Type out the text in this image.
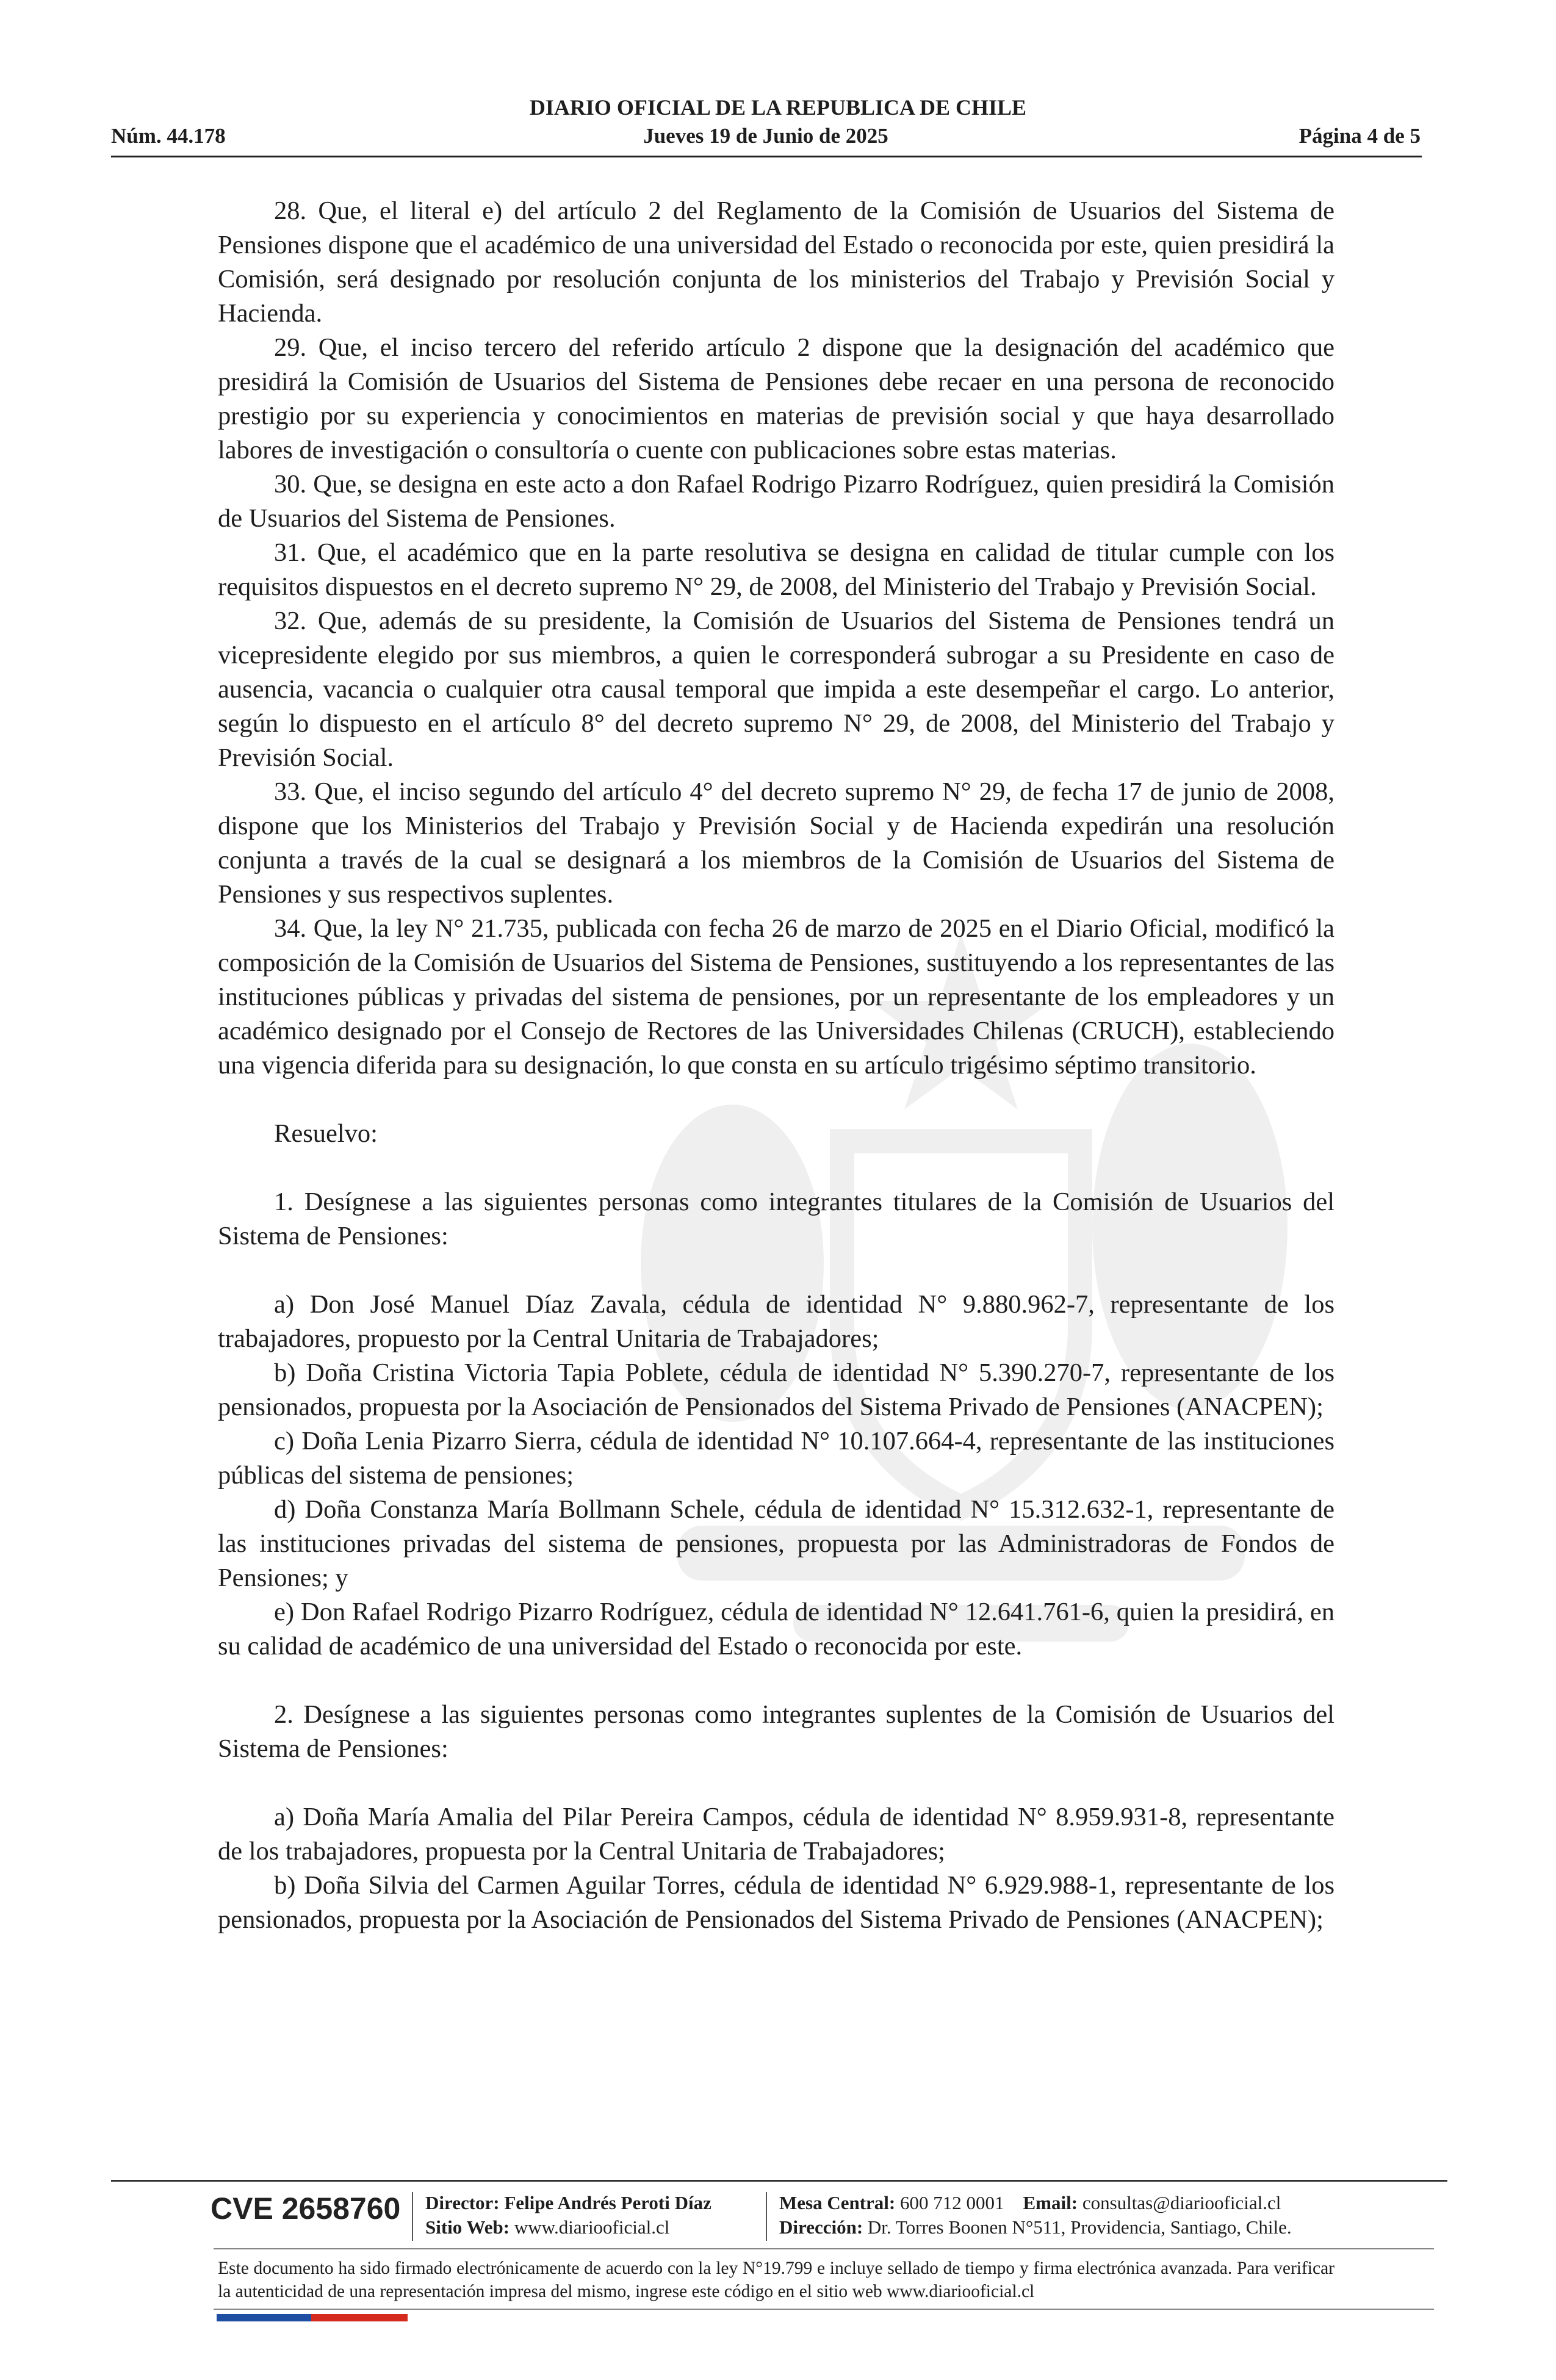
DIARIO OFICIAL DE LA REPUBLICA DE CHILE
Núm. 44.178	Jueves 19 de Junio de 2025	Página 4 de 5

28. Que, el literal e) del artículo 2 del Reglamento de la Comisión de Usuarios del Sistema de Pensiones dispone que el académico de una universidad del Estado o reconocida por este, quien presidirá la Comisión, será designado por resolución conjunta de los ministerios del Trabajo y Previsión Social y Hacienda.

29. Que, el inciso tercero del referido artículo 2 dispone que la designación del académico que presidirá la Comisión de Usuarios del Sistema de Pensiones debe recaer en una persona de reconocido prestigio por su experiencia y conocimientos en materias de previsión social y que haya desarrollado labores de investigación o consultoría o cuente con publicaciones sobre estas materias.

30. Que, se designa en este acto a don Rafael Rodrigo Pizarro Rodríguez, quien presidirá la Comisión de Usuarios del Sistema de Pensiones.

31. Que, el académico que en la parte resolutiva se designa en calidad de titular cumple con los requisitos dispuestos en el decreto supremo N° 29, de 2008, del Ministerio del Trabajo y Previsión Social.

32. Que, además de su presidente, la Comisión de Usuarios del Sistema de Pensiones tendrá un vicepresidente elegido por sus miembros, a quien le corresponderá subrogar a su Presidente en caso de ausencia, vacancia o cualquier otra causal temporal que impida a este desempeñar el cargo. Lo anterior, según lo dispuesto en el artículo 8° del decreto supremo N° 29, de 2008, del Ministerio del Trabajo y Previsión Social.

33. Que, el inciso segundo del artículo 4° del decreto supremo N° 29, de fecha 17 de junio de 2008, dispone que los Ministerios del Trabajo y Previsión Social y de Hacienda expedirán una resolución conjunta a través de la cual se designará a los miembros de la Comisión de Usuarios del Sistema de Pensiones y sus respectivos suplentes.

34. Que, la ley N° 21.735, publicada con fecha 26 de marzo de 2025 en el Diario Oficial, modificó la composición de la Comisión de Usuarios del Sistema de Pensiones, sustituyendo a los representantes de las instituciones públicas y privadas del sistema de pensiones, por un representante de los empleadores y un académico designado por el Consejo de Rectores de las Universidades Chilenas (CRUCH), estableciendo una vigencia diferida para su designación, lo que consta en su artículo trigésimo séptimo transitorio.

Resuelvo:

1. Desígnese a las siguientes personas como integrantes titulares de la Comisión de Usuarios del Sistema de Pensiones:

a) Don José Manuel Díaz Zavala, cédula de identidad N° 9.880.962-7, representante de los trabajadores, propuesto por la Central Unitaria de Trabajadores;

b) Doña Cristina Victoria Tapia Poblete, cédula de identidad N° 5.390.270-7, representante de los pensionados, propuesta por la Asociación de Pensionados del Sistema Privado de Pensiones (ANACPEN);

c) Doña Lenia Pizarro Sierra, cédula de identidad N° 10.107.664-4, representante de las instituciones públicas del sistema de pensiones;

d) Doña Constanza María Bollmann Schele, cédula de identidad N° 15.312.632-1, representante de las instituciones privadas del sistema de pensiones, propuesta por las Administradoras de Fondos de Pensiones; y

e) Don Rafael Rodrigo Pizarro Rodríguez, cédula de identidad N° 12.641.761-6, quien la presidirá, en su calidad de académico de una universidad del Estado o reconocida por este.

2. Desígnese a las siguientes personas como integrantes suplentes de la Comisión de Usuarios del Sistema de Pensiones:

a) Doña María Amalia del Pilar Pereira Campos, cédula de identidad N° 8.959.931-8, representante de los trabajadores, propuesta por la Central Unitaria de Trabajadores;

b) Doña Silvia del Carmen Aguilar Torres, cédula de identidad N° 6.929.988-1, representante de los pensionados, propuesta por la Asociación de Pensionados del Sistema Privado de Pensiones (ANACPEN);

CVE 2658760 Director: Felipe Andrés Peroti Díaz
Sitio Web: www.diariooficial.cl
Mesa Central: 600 712 0001 Email: consultas@diariooficial.cl
Dirección: Dr. Torres Boonen N°511, Providencia, Santiago, Chile.
Este documento ha sido firmado electrónicamente de acuerdo con la ley N°19.799 e incluye sellado de tiempo y firma electrónica avanzada. Para verificar la autenticidad de una representación impresa del mismo, ingrese este código en el sitio web www.diariooficial.cl
